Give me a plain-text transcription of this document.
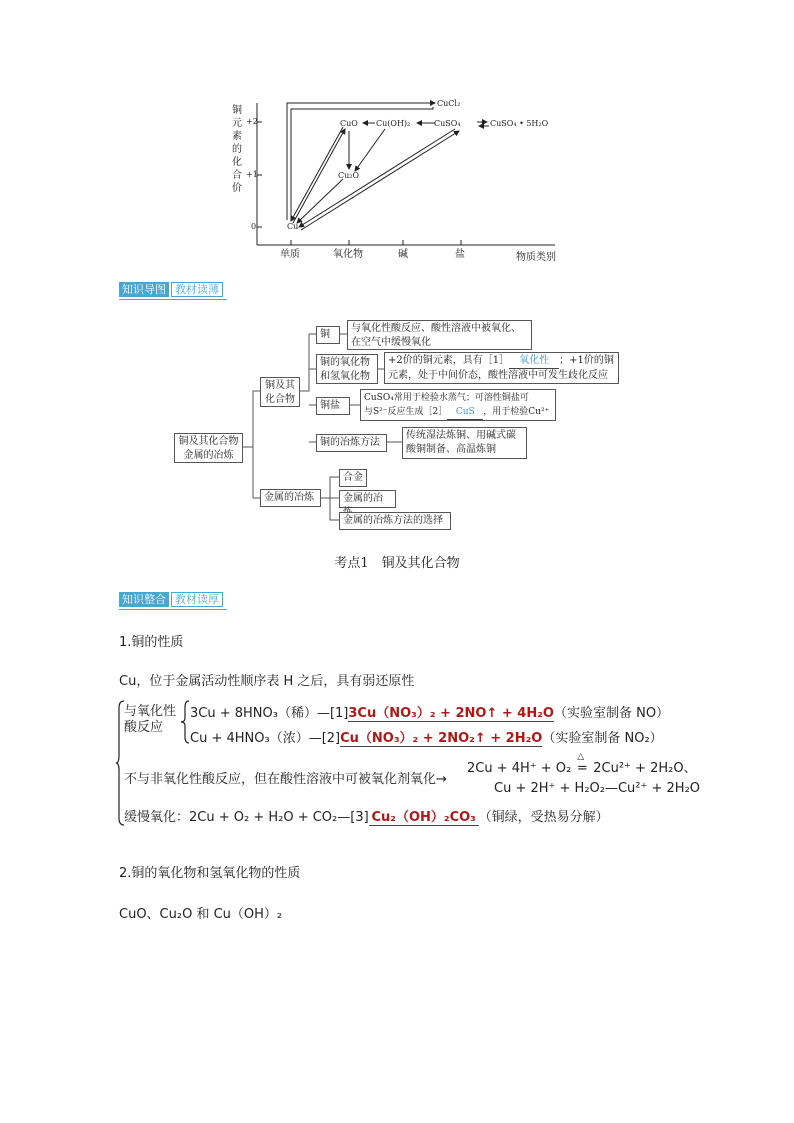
铜
元
素
的
化
合
价
+2
+1
0
单质	氧化物	碱	盐	物质类别
CuCl₂
CuO Cu(OH)₂	CuSO₄	CuSO₄ • 5H₂O
Cu₂O
Cu
知识导图 教材读薄
铜及其化合物
金属的冶炼
铜及其
化合物
金属的冶炼
铜
与氧化性酸反应、酸性溶液中被氧化、
在空气中缓慢氧化
铜的氧化物
和氢氧化物
+2价的铜元素，具有［1］ 氧化性 ；+1价的铜
元素，处于中间价态，酸性溶液中可发生歧化反应
铜盐
CuSO₄常用于检验水蒸气；可溶性铜盐可
与S²⁻反应生成［2］ CuS ，用于检验Cu²⁺
铜的冶炼方法
传统湿法炼铜、用碱式碳
酸铜制备、高温炼铜
合金
金属的冶
金属的冶炼方法的选择
考点1　铜及其化合物
知识整合 教材读厚
1.铜的性质
Cu，位于金属活动性顺序表 H 之后，具有弱还原性
与氧化性
酸反应
3Cu + 8HNO₃（稀）—[1]3Cu（NO₃）₂ + 2NO↑ + 4H₂O（实验室制备 NO）
Cu + 4HNO₃（浓）—[2]Cu（NO₃）₂ + 2NO₂↑ + 2H₂O（实验室制备 NO₂）
不与非氧化性酸反应，但在酸性溶液中可被氧化剂氧化→
2Cu + 4H⁺ + O₂
△
= 2Cu²⁺ + 2H₂O、
Cu + 2H⁺ + H₂O₂—Cu²⁺ + 2H₂O
缓慢氧化：2Cu + O₂ + H₂O + CO₂—[3] Cu₂（OH）₂CO₃ （铜绿，受热易分解）
2.铜的氧化物和氢氧化物的性质
CuO、Cu₂O 和 Cu（OH）₂
